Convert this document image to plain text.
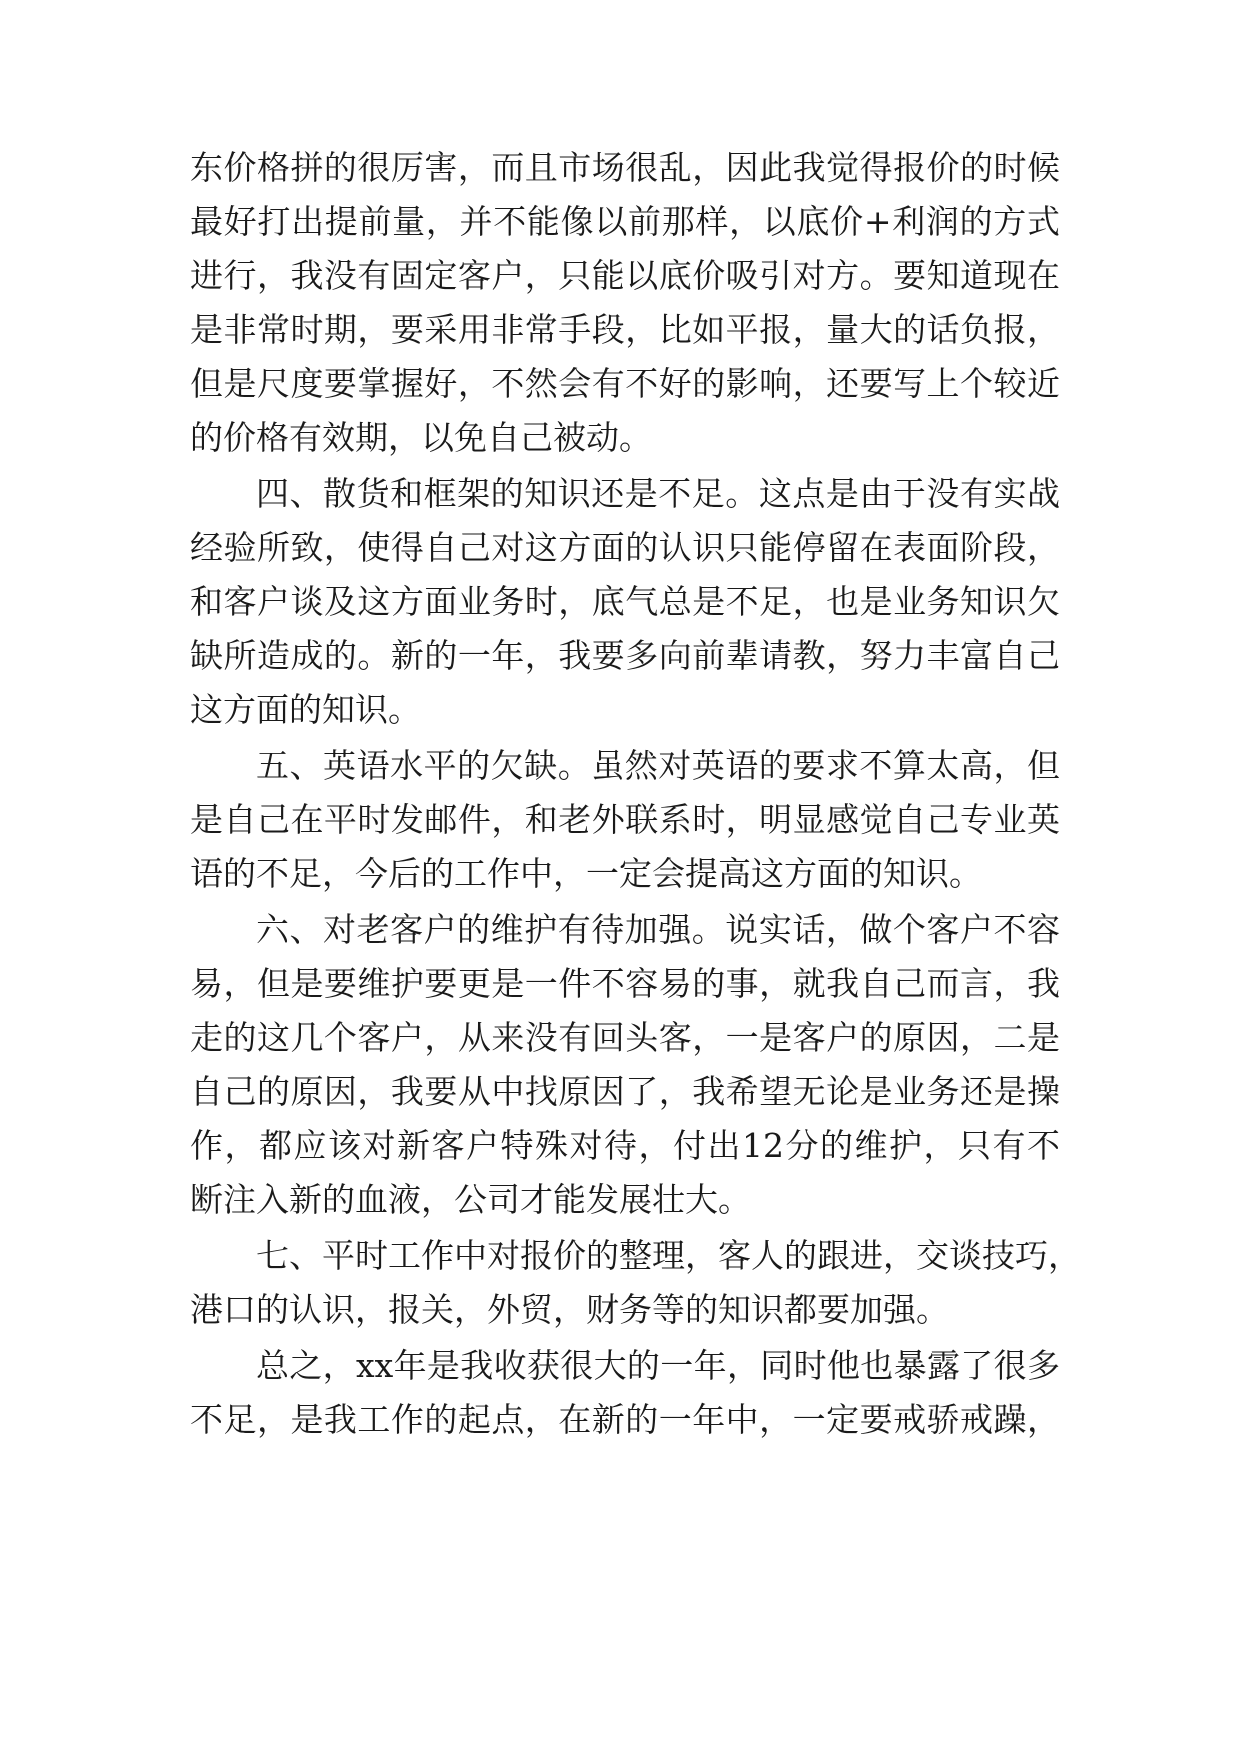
东价格拼的很厉害，而且市场很乱，因此我觉得报价的时候
最好打出提前量，并不能像以前那样，以底价+利润的方式
进行，我没有固定客户，只能以底价吸引对方。要知道现在
是非常时期，要采用非常手段，比如平报，量大的话负报，
但是尺度要掌握好，不然会有不好的影响，还要写上个较近
的价格有效期，以免自己被动。
四、散货和框架的知识还是不足。这点是由于没有实战
经验所致，使得自己对这方面的认识只能停留在表面阶段，
和客户谈及这方面业务时，底气总是不足，也是业务知识欠
缺所造成的。新的一年，我要多向前辈请教，努力丰富自己
这方面的知识。
五、英语水平的欠缺。虽然对英语的要求不算太高，但
是自己在平时发邮件，和老外联系时，明显感觉自己专业英
语的不足，今后的工作中，一定会提高这方面的知识。
六、对老客户的维护有待加强。说实话，做个客户不容
易，但是要维护要更是一件不容易的事，就我自己而言，我
走的这几个客户，从来没有回头客，一是客户的原因，二是
自己的原因，我要从中找原因了，我希望无论是业务还是操
作，都应该对新客户特殊对待，付出12分的维护，只有不
断注入新的血液，公司才能发展壮大。
七、平时工作中对报价的整理，客人的跟进，交谈技巧，
港口的认识，报关，外贸，财务等的知识都要加强。
总之，xx年是我收获很大的一年，同时他也暴露了很多
不足，是我工作的起点，在新的一年中，一定要戒骄戒躁，
